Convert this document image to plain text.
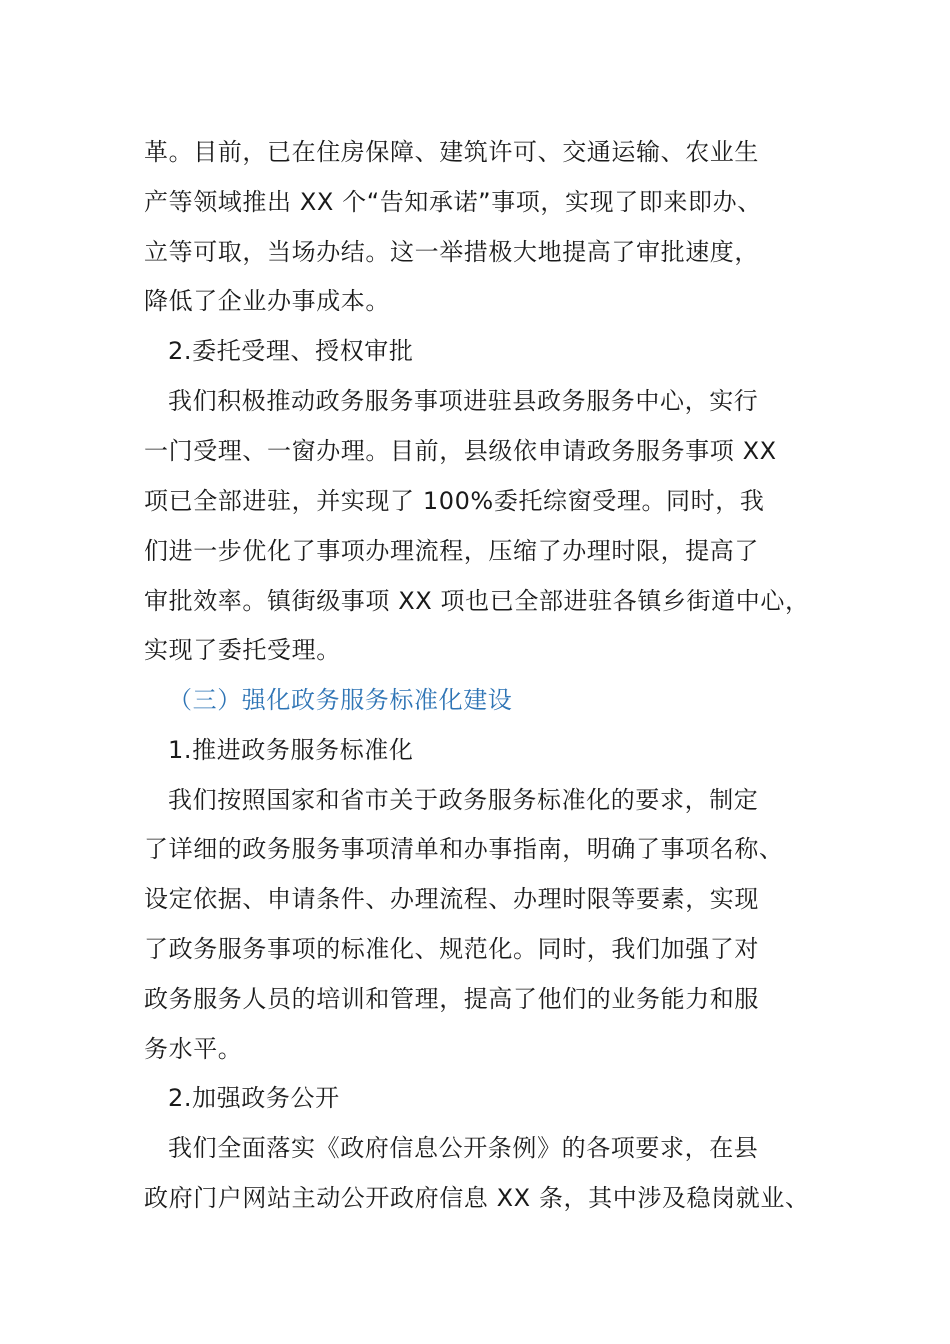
革。目前，已在住房保障、建筑许可、交通运输、农业生
产等领域推出 XX 个“告知承诺”事项，实现了即来即办、
立等可取，当场办结。这一举措极大地提高了审批速度，
降低了企业办事成本。
2.委托受理、授权审批
我们积极推动政务服务事项进驻县政务服务中心，实行
一门受理、一窗办理。目前，县级依申请政务服务事项 XX
项已全部进驻，并实现了 100%委托综窗受理。同时，我
们进一步优化了事项办理流程，压缩了办理时限，提高了
审批效率。镇街级事项 XX 项也已全部进驻各镇乡街道中心，
实现了委托受理。
（三）强化政务服务标准化建设
1.推进政务服务标准化
我们按照国家和省市关于政务服务标准化的要求，制定
了详细的政务服务事项清单和办事指南，明确了事项名称、
设定依据、申请条件、办理流程、办理时限等要素，实现
了政务服务事项的标准化、规范化。同时，我们加强了对
政务服务人员的培训和管理，提高了他们的业务能力和服
务水平。
2.加强政务公开
我们全面落实《政府信息公开条例》的各项要求，在县
政府门户网站主动公开政府信息 XX 条，其中涉及稳岗就业、
